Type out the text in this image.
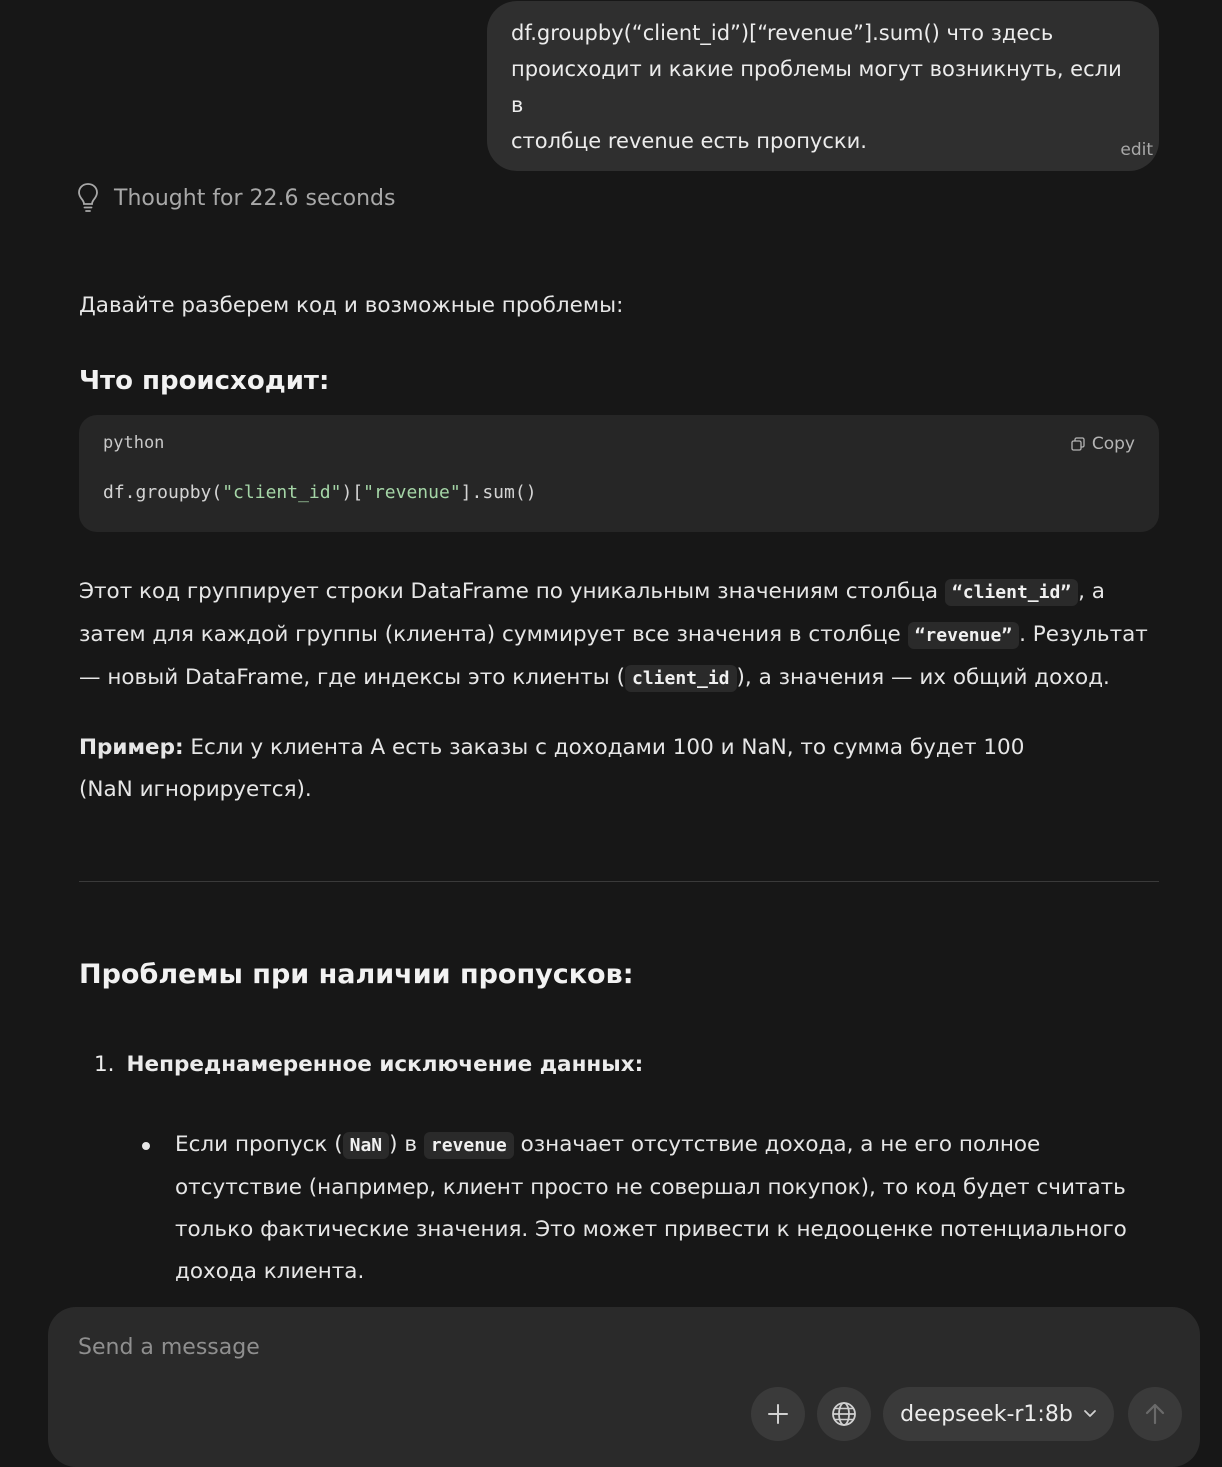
df.groupby(“client_id”)[“revenue”].sum() что здесь
происходит и какие проблемы могут возникнуть, если в
столбце revenue есть пропуски.	edit
Thought for 22.6 seconds
Давайте разберем код и возможные проблемы:
Что происходит:
python	Copy
df.groupby("client_id")["revenue"].sum()
Этот код группирует строки DataFrame по уникальным значениям столбца “client_id” , а затем для каждой группы (клиента) суммирует все значения в столбце “revenue” . Результат — новый DataFrame, где индексы это клиенты ( client_id ), а значения — их общий доход.
Пример: Если у клиента A есть заказы с доходами 100 и NaN, то сумма будет 100 (NaN игнорируется).
Проблемы при наличии пропусков:
1. Непреднамеренное исключение данных:
Если пропуск ( NaN ) в revenue означает отсутствие дохода, а не его полное отсутствие (например, клиент просто не совершал покупок), то код будет считать только фактические значения. Это может привести к недооценке потенциального дохода клиента.
Send a message
deepseek-r1:8b
